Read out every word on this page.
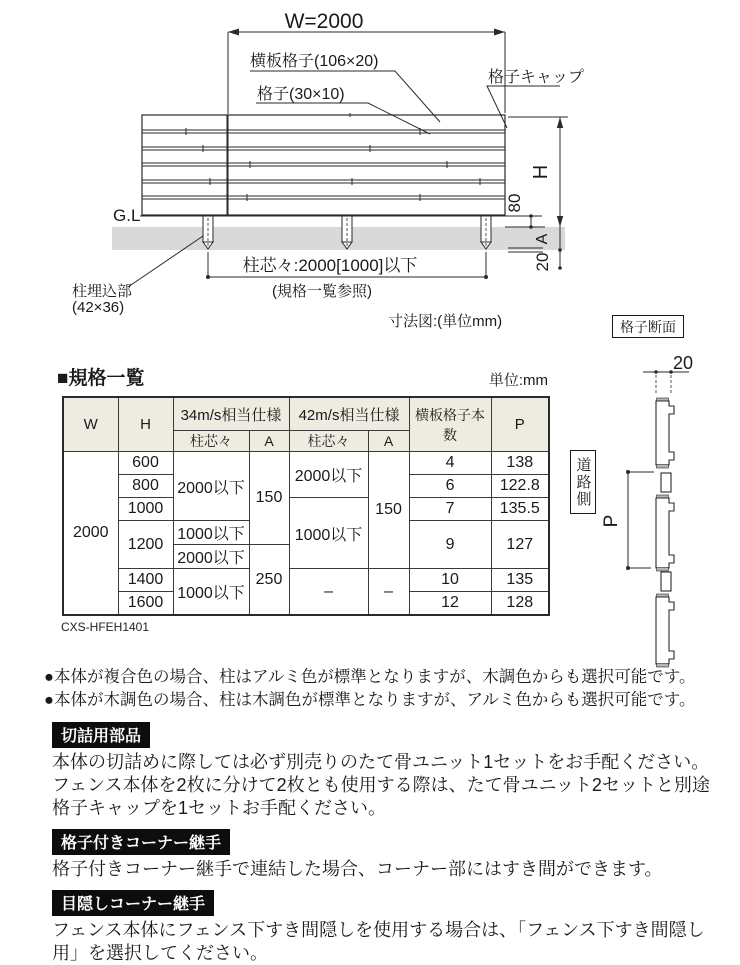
G.L
W=2000
横板格子(106×20)
格子(30×10)
格子キャップ
柱埋込部
(42×36)
H
80
A
20
柱芯々:2000[1000]以下
(規格一覧参照)
寸法図:(単位mm)	格子断面
道路側
20
P
■規格一覧	単位:mm
W	H	34m/s相当仕様		42m/s相当仕様		横板格子本数	P
		柱芯々	A	柱芯々	A		
2000	600	2000以下	150	2000以下	150	4	138
	800					6	122.8
	1000			1000以下		7	135.5
	1200	1000以下				9	127
		2000以下	250				
	1400	1000以下		–	–	10	135
	1600					12	128
CXS-HFEH1401
●本体が複合色の場合、柱はアルミ色が標準となりますが、木調色からも選択可能です。
●本体が木調色の場合、柱は木調色が標準となりますが、アルミ色からも選択可能です。
切詰用部品
本体の切詰めに際しては必ず別売りのたて骨ユニット1セットをお手配ください。フェンス本体を2枚に分けて2枚とも使用する際は、たて骨ユニット2セットと別途格子キャップを1セットお手配ください。
格子付きコーナー継手
格子付きコーナー継手で連結した場合、コーナー部にはすき間ができます。
目隠しコーナー継手
フェンス本体にフェンス下すき間隠しを使用する場合は、「フェンス下すき間隠し用」を選択してください。
